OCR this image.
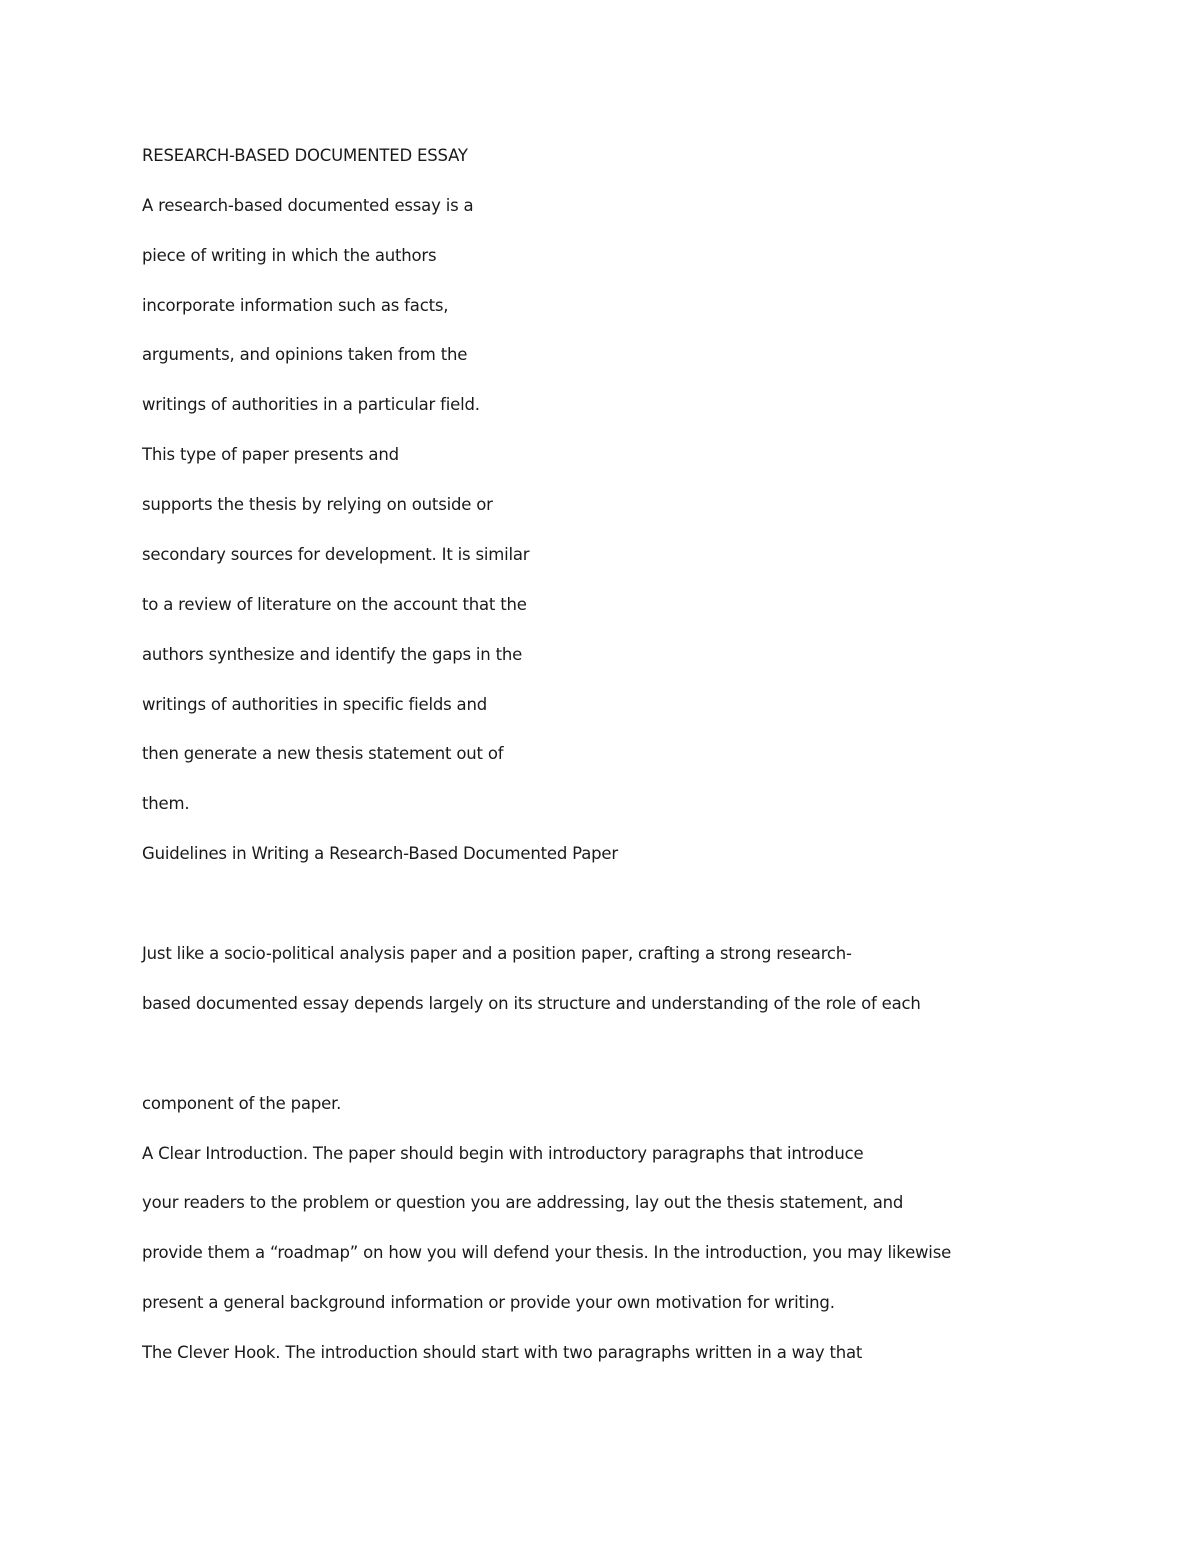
RESEARCH-BASED DOCUMENTED ESSAY

A research-based documented essay is a

piece of writing in which the authors

incorporate information such as facts,

arguments, and opinions taken from the

writings of authorities in a particular field.

This type of paper presents and

supports the thesis by relying on outside or

secondary sources for development. It is similar

to a review of literature on the account that the

authors synthesize and identify the gaps in the

writings of authorities in specific fields and

then generate a new thesis statement out of

them.

Guidelines in Writing a Research-Based Documented Paper

Just like a socio-political analysis paper and a position paper, crafting a strong research-

based documented essay depends largely on its structure and understanding of the role of each

component of the paper.

A Clear Introduction. The paper should begin with introductory paragraphs that introduce

your readers to the problem or question you are addressing, lay out the thesis statement, and

provide them a “roadmap” on how you will defend your thesis. In the introduction, you may likewise

present a general background information or provide your own motivation for writing.

The Clever Hook. The introduction should start with two paragraphs written in a way that
